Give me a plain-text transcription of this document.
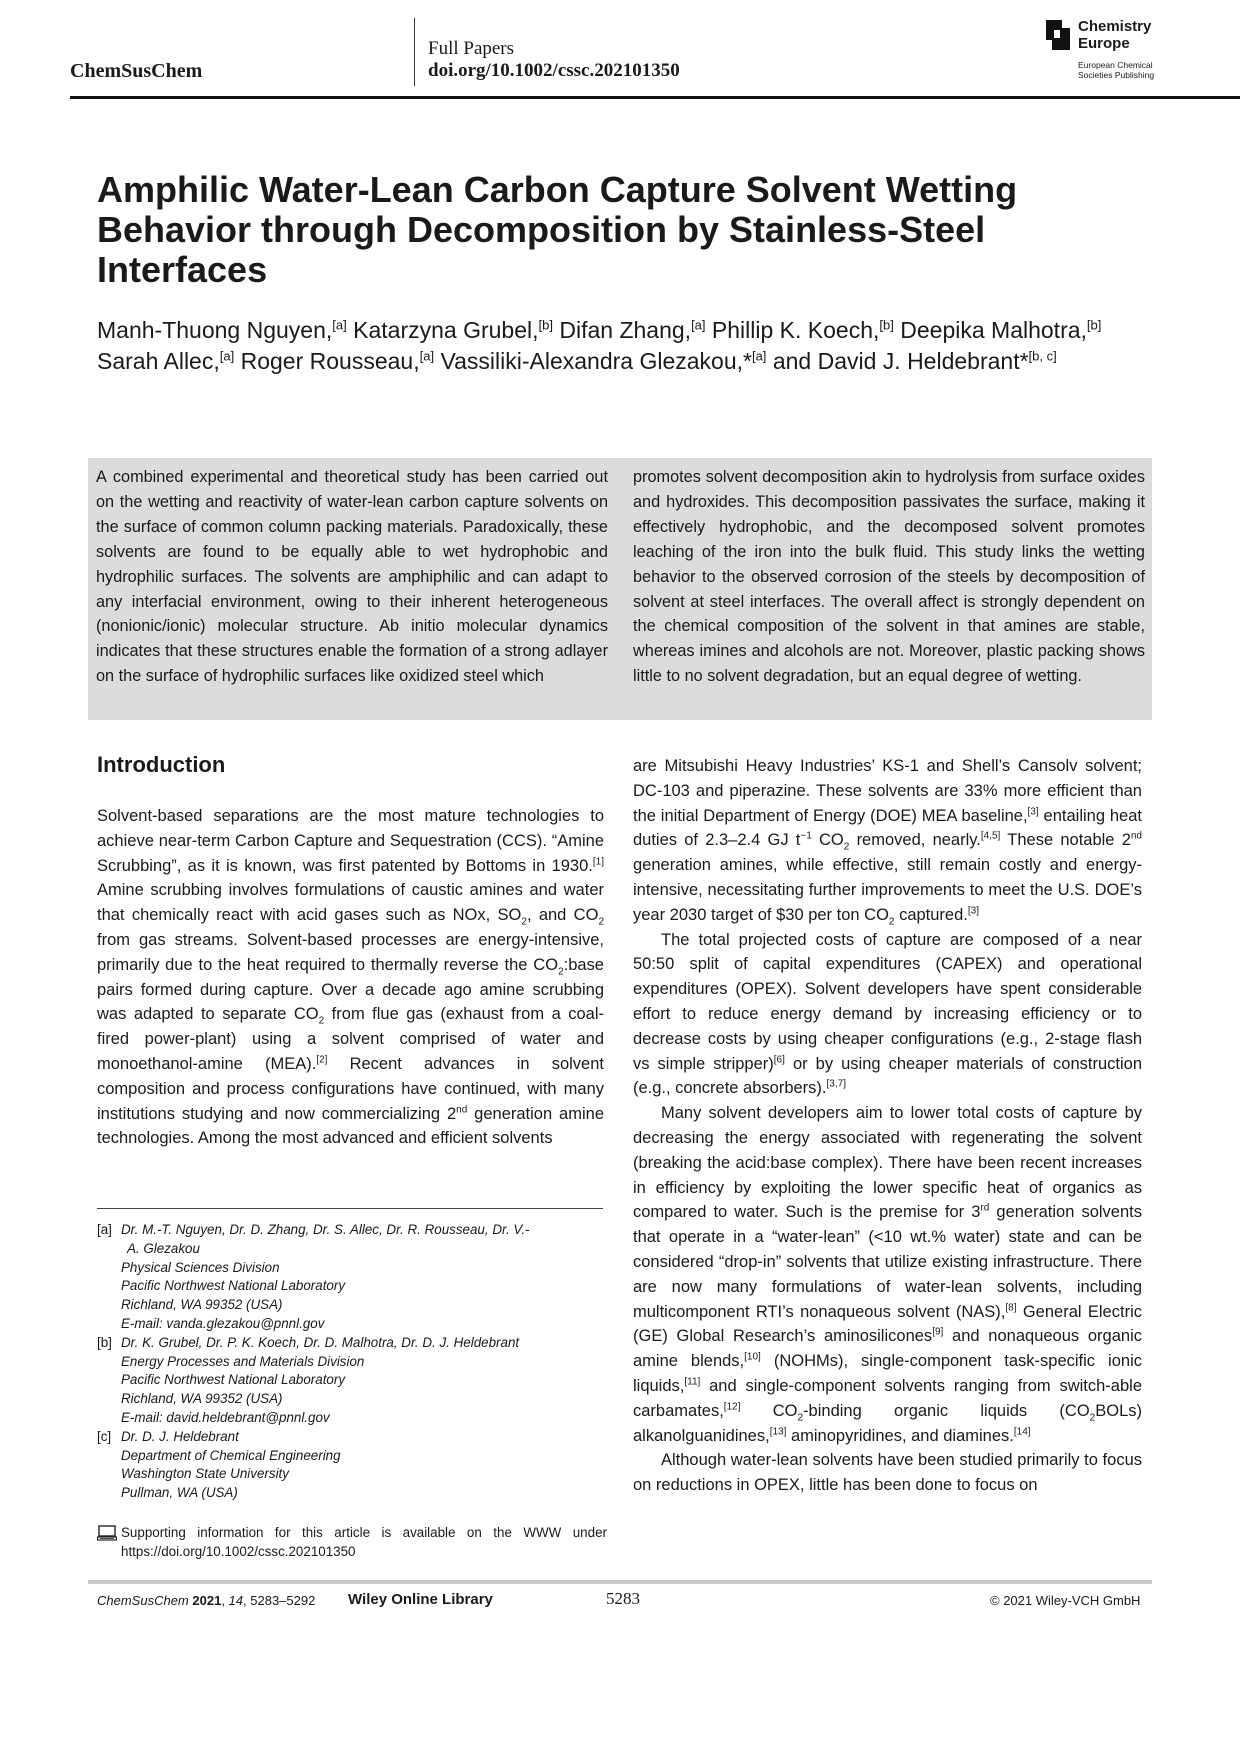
ChemSusChem
Full Papers
doi.org/10.1002/cssc.202101350
Chemistry
Europe
European Chemical
Societies Publishing
Amphilic Water-Lean Carbon Capture Solvent Wetting Behavior through Decomposition by Stainless-Steel Interfaces
Manh-Thuong Nguyen,[a] Katarzyna Grubel,[b] Difan Zhang,[a] Phillip K. Koech,[b] Deepika Malhotra,[b] Sarah Allec,[a] Roger Rousseau,[a] Vassiliki-Alexandra Glezakou,*[a] and David J. Heldebrant*[b, c]
A combined experimental and theoretical study has been carried out on the wetting and reactivity of water-lean carbon capture solvents on the surface of common column packing materials. Paradoxically, these solvents are found to be equally able to wet hydrophobic and hydrophilic surfaces. The solvents are amphiphilic and can adapt to any interfacial environment, owing to their inherent heterogeneous (nonionic/ionic) molecular structure. Ab initio molecular dynamics indicates that these structures enable the formation of a strong adlayer on the surface of hydrophilic surfaces like oxidized steel which
promotes solvent decomposition akin to hydrolysis from surface oxides and hydroxides. This decomposition passivates the surface, making it effectively hydrophobic, and the decomposed solvent promotes leaching of the iron into the bulk fluid. This study links the wetting behavior to the observed corrosion of the steels by decomposition of solvent at steel interfaces. The overall affect is strongly dependent on the chemical composition of the solvent in that amines are stable, whereas imines and alcohols are not. Moreover, plastic packing shows little to no solvent degradation, but an equal degree of wetting.
Introduction

Solvent-based separations are the most mature technologies to achieve near-term Carbon Capture and Sequestration (CCS). “Amine Scrubbing”, as it is known, was first patented by Bottoms in 1930.[1] Amine scrubbing involves formulations of caustic amines and water that chemically react with acid gases such as NOx, $SO_2$, and $CO_2$ from gas streams. Solvent-based processes are energy-intensive, primarily due to the heat required to thermally reverse the $CO_2:base$ pairs formed during capture. Over a decade ago amine scrubbing was adapted to separate $CO_2$ from flue gas (exhaust from a coal-fired power-plant) using a solvent comprised of water and monoethanol-amine (MEA).[2] Recent advances in solvent composition and process configurations have continued, with many institutions studying and now commercializing 2nd generation amine technologies. Among the most advanced and efficient solvents

are Mitsubishi Heavy Industries’ KS-1 and Shell’s Cansolv solvent; DC-103 and piperazine. These solvents are 33% more efficient than the initial Department of Energy (DOE) MEA baseline,[3] entailing heat duties of 2.3–2.4 GJ $t^{-1}$ $CO_2$ removed, nearly.[4,5] These notable 2nd generation amines, while effective, still remain costly and energy-intensive, necessitating further improvements to meet the U.S. DOE’s year 2030 target of $30 per ton $CO_2$ captured.[3]

The total projected costs of capture are composed of a near 50:50 split of capital expenditures (CAPEX) and operational expenditures (OPEX). Solvent developers have spent considerable effort to reduce energy demand by increasing efficiency or to decrease costs by using cheaper configurations (e.g., 2-stage flash vs simple stripper)[6] or by using cheaper materials of construction (e.g., concrete absorbers).[3,7]

Many solvent developers aim to lower total costs of capture by decreasing the energy associated with regenerating the solvent (breaking the acid:base complex). There have been recent increases in efficiency by exploiting the lower specific heat of organics as compared to water. Such is the premise for 3rd generation solvents that operate in a “water-lean” (<10 wt.% water) state and can be considered “drop-in” solvents that utilize existing infrastructure. There are now many formulations of water-lean solvents, including multicomponent RTI’s nonaqueous solvent (NAS),[8] General Electric (GE) Global Research’s aminosilicones[9] and nonaqueous organic amine blends,[10] (NOHMs), single-component task-specific ionic liquids,[11] and single-component solvents ranging from switch-able carbamates,[12] $CO_2$-binding organic liquids $(CO_2BOLs)$ alkanolguanidines,[13] aminopyridines, and diamines.[14]

Although water-lean solvents have been studied primarily to focus on reductions in OPEX, little has been done to focus on

[a] Dr. M.-T. Nguyen, Dr. D. Zhang, Dr. S. Allec, Dr. R. Rousseau, Dr. V.-
A. Glezakou
Physical Sciences Division
Pacific Northwest National Laboratory
Richland, WA 99352 (USA)
E-mail: vanda.glezakou@pnnl.gov
[b] Dr. K. Grubel, Dr. P. K. Koech, Dr. D. Malhotra, Dr. D. J. Heldebrant
Energy Processes and Materials Division
Pacific Northwest National Laboratory
Richland, WA 99352 (USA)
E-mail: david.heldebrant@pnnl.gov
[c] Dr. D. J. Heldebrant
Department of Chemical Engineering
Washington State University
Pullman, WA (USA)
Supporting information for this article is available on the WWW under https://doi.org/10.1002/cssc.202101350
ChemSusChem 2021, 14, 5283–5292 Wiley Online Library	5283	© 2021 Wiley-VCH GmbH
